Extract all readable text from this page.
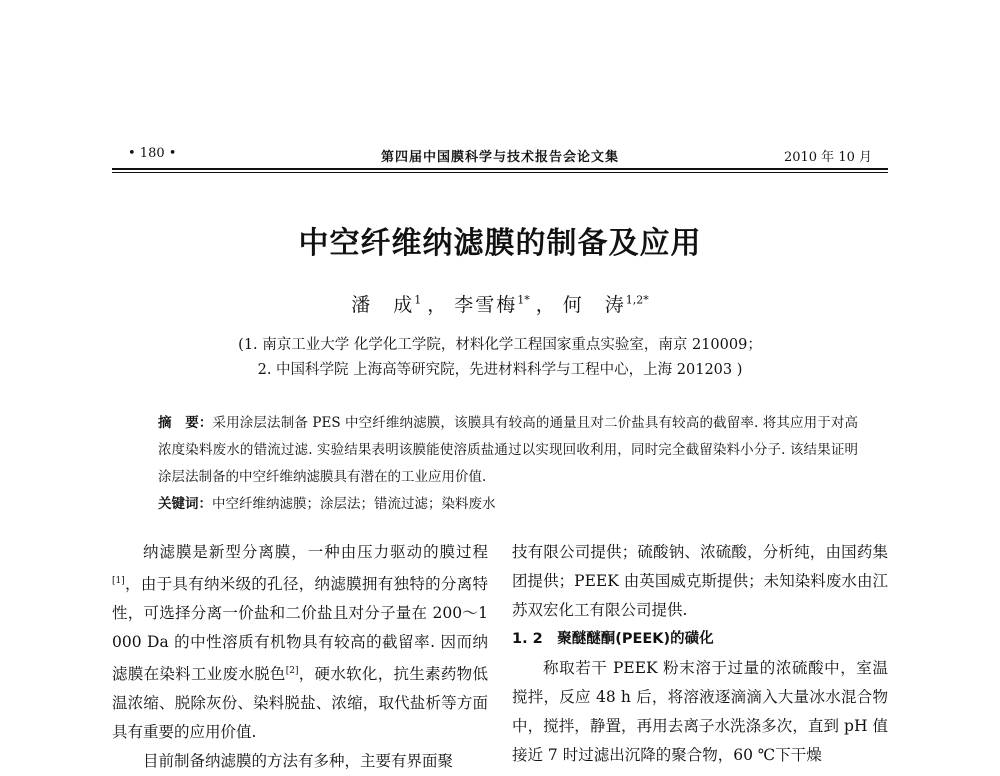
• 180 •	第四届中国膜科学与技术报告会论文集	2010 年 10 月
中空纤维纳滤膜的制备及应用
潘　成$^1$ ， 李雪梅$^{1*}$ ， 何　涛$^{1,2*}$
(1. 南京工业大学 化学化工学院，材料化学工程国家重点实验室，南京 210009；
2. 中国科学院 上海高等研究院，先进材料科学与工程中心，上海 201203 )
摘　要：采用涂层法制备 PES 中空纤维纳滤膜，该膜具有较高的通量且对二价盐具有较高的截留率. 将其应用于对高浓度染料废水的错流过滤. 实验结果表明该膜能使溶质盐通过以实现回收利用，同时完全截留染料小分子. 该结果证明涂层法制备的中空纤维纳滤膜具有潜在的工业应用价值.
关键词：中空纤维纳滤膜；涂层法；错流过滤；染料废水

纳滤膜是新型分离膜，一种由压力驱动的膜过程[1]，由于具有纳米级的孔径，纳滤膜拥有独特的分离特性，可选择分离一价盐和二价盐且对分子量在 200～1 000 Da 的中性溶质有机物具有较高的截留率. 因而纳滤膜在染料工业废水脱色[2]，硬水软化，抗生素药物低温浓缩、脱除灰份、染料脱盐、浓缩，取代盐析等方面具有重要的应用价值.

目前制备纳滤膜的方法有多种，主要有界面聚

技有限公司提供；硫酸钠、浓硫酸，分析纯，由国药集团提供；PEEK 由英国威克斯提供；未知染料废水由江苏双宏化工有限公司提供.

1. 2　聚醚醚酮(PEEK)的磺化

称取若干 PEEK 粉末溶于过量的浓硫酸中，室温搅拌，反应 48 h 后，将溶液逐滴滴入大量冰水混合物中，搅拌，静置，再用去离子水洗涤多次，直到 pH 值接近 7 时过滤出沉降的聚合物，60 ℃下干燥
